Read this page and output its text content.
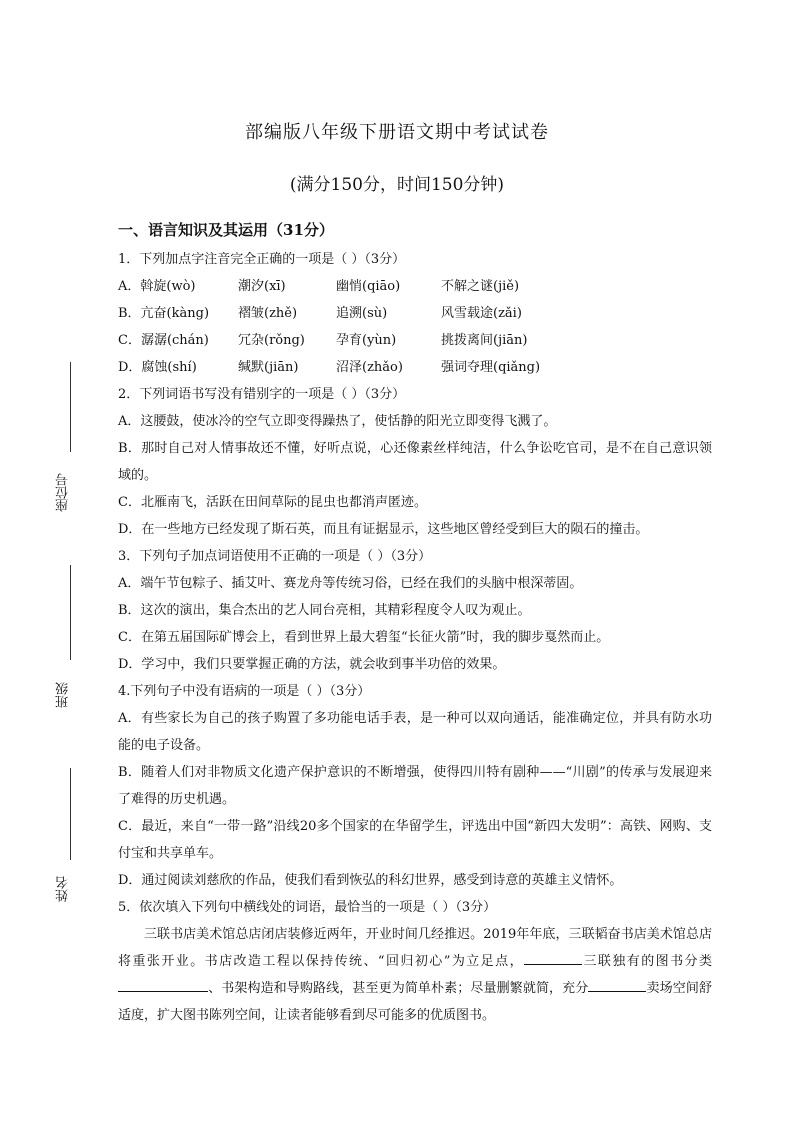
座位号
班级
姓名
部编版八年级下册语文期中考试试卷
(满分150分，时间150分钟)
一、语言知识及其运用（31分）
1．下列加点字注音完全正确的一项是（ ）（3分）
A．斡旋(wò)	潮汐(xī)	幽悄(qiāo)	不解之谜(jiě)
B．亢奋(kàng)	褶皱(zhě)	追溯(sù)	风雪载途(zǎi)
C．潺潺(chán)	冗杂(rǒng)	孕育(yùn)	挑拨离间(jiān)
D．腐蚀(shí)	缄默(jiān)	沼泽(zhǎo)	强词夺理(qiǎng)
2．下列词语书写没有错别字的一项是（ ）（3分）
A．这腰鼓，使冰冷的空气立即变得躁热了，使恬静的阳光立即变得飞溅了。
B．那时自己对人情事故还不懂，好听点说，心还像素丝样纯洁，什么争讼吃官司，是不在自己意识领域的。
C．北雁南飞，活跃在田间草际的昆虫也都消声匿迹。
D．在一些地方已经发现了斯石英，而且有证据显示，这些地区曾经受到巨大的陨石的撞击。
3．下列句子加点词语使用不正确的一项是（ ）（3分）
A．端午节包粽子、插艾叶、赛龙舟等传统习俗，已经在我们的头脑中根深蒂固。
B．这次的演出，集合杰出的艺人同台亮相，其精彩程度令人叹为观止。
C．在第五届国际矿博会上，看到世界上最大碧玺“长征火箭”时，我的脚步戛然而止。
D．学习中，我们只要掌握正确的方法，就会收到事半功倍的效果。
4.下列句子中没有语病的一项是（ ）（3分）
A．有些家长为自己的孩子购置了多功能电话手表，是一种可以双向通话，能准确定位，并具有防水功能的电子设备。
B．随着人们对非物质文化遗产保护意识的不断增强，使得四川特有剧种——“川剧”的传承与发展迎来了难得的历史机遇。
C．最近，来自“一带一路”沿线20多个国家的在华留学生，评选出中国“新四大发明”：高铁、网购、支付宝和共享单车。
D．通过阅读刘慈欣的作品，使我们看到恢弘的科幻世界，感受到诗意的英雄主义情怀。
5．依次填入下列句中横线处的词语，最恰当的一项是（ ）（3分）
三联书店美术馆总店闭店装修近两年，开业时间几经推迟。2019年年底，三联韬奋书店美术馆总店将重张开业。书店改造工程以保持传统、“回归初心”为立足点，	三联独有的图书分类、书架构造和导购路线，甚至更为简单朴素；尽量删繁就简，充分	卖场空间舒适度，扩大图书陈列空间，让读者能够看到尽可能多的优质图书。
